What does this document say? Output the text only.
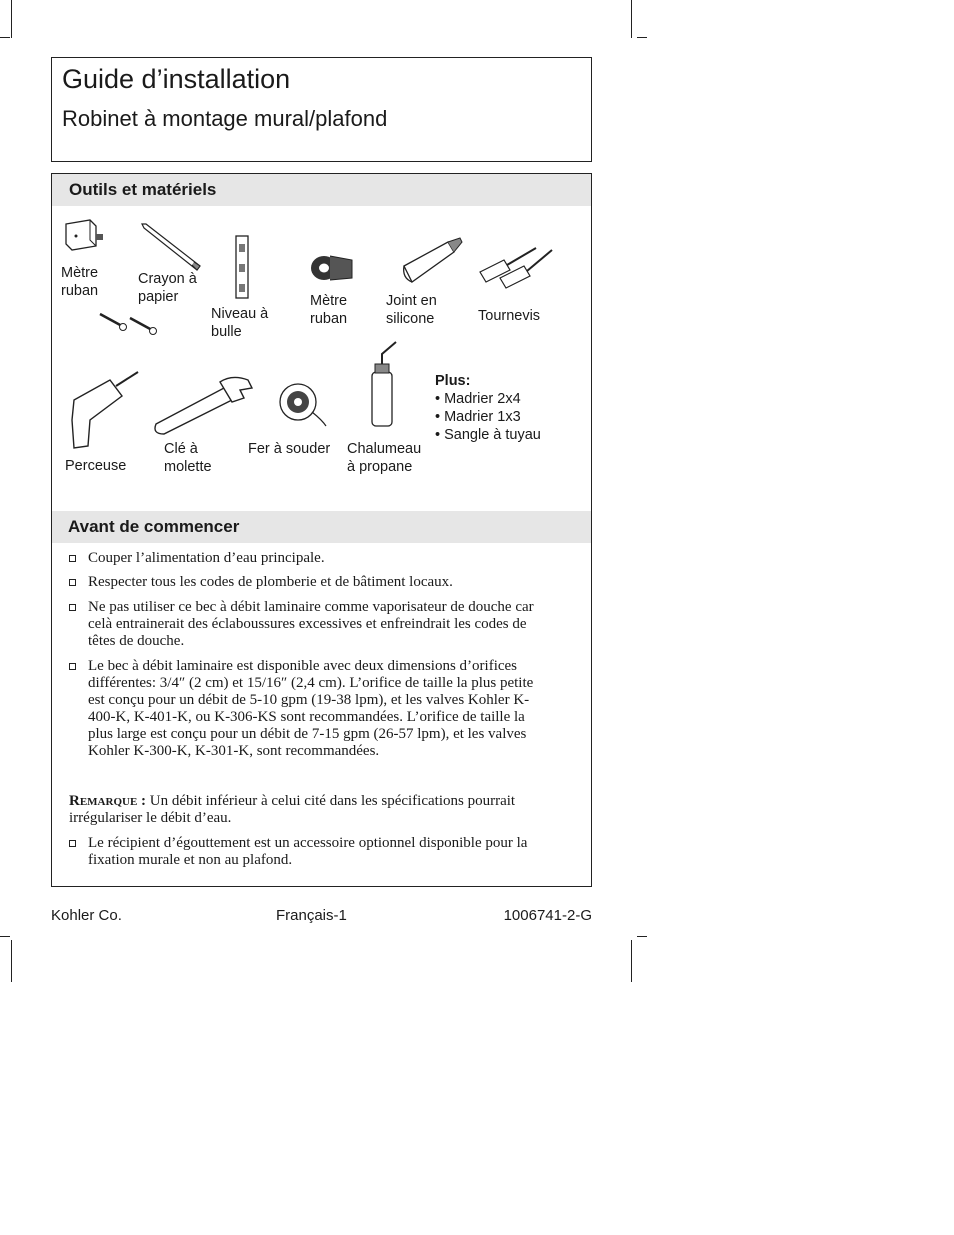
Guide d’installation
Robinet à montage mural/plafond
Outils et matériels
Mètre
ruban
Crayon à
papier
Niveau à
bulle
Mètre
ruban
Joint en
silicone	Tournevis
Perceuse
Clé à
molette
Fer à souder Chalumeau
à propane
Plus:
• Madrier 2x4
• Madrier 1x3
• Sangle à tuyau
Avant de commencer
Couper l’alimentation d’eau principale.
Respecter tous les codes de plomberie et de bâtiment locaux.
Ne pas utiliser ce bec à débit laminaire comme vaporisateur de douche car celà entrainerait des éclaboussures excessives et enfreindrait les codes de têtes de douche.
Le bec à débit laminaire est disponible avec deux dimensions d’orifices différentes: 3/4″ (2 cm) et 15/16″ (2,4 cm). L’orifice de taille la plus petite est conçu pour un débit de 5-10 gpm (19-38 lpm), et les valves Kohler K-400-K, K-401-K, ou K-306-KS sont recommandées. L’orifice de taille la plus large est conçu pour un débit de 7-15 gpm (26-57 lpm), et les valves Kohler K-300-K, K-301-K, sont recommandées.
Remarque : Un débit inférieur à celui cité dans les spécifications pourrait irrégulariser le débit d’eau.
Le récipient d’égouttement est un accessoire optionnel disponible pour la fixation murale et non au plafond.
Kohler Co.	Français-1	1006741-2-G
